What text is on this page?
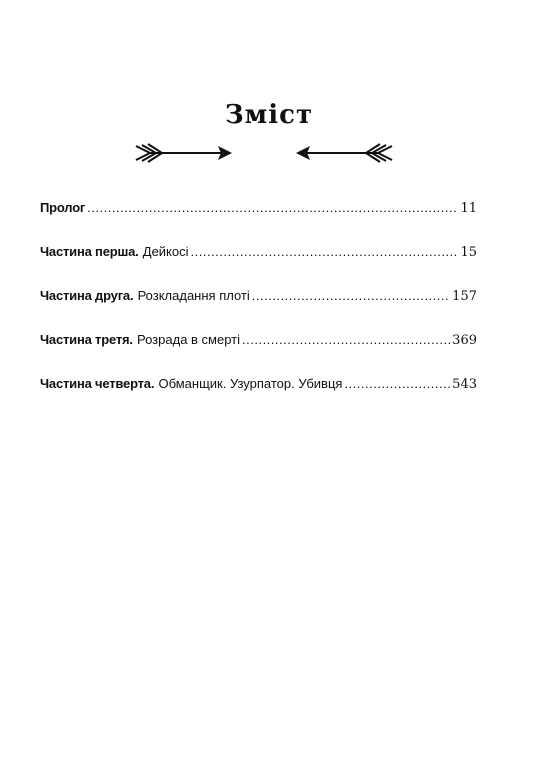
Зміст
Пролог .....	11
Частина перша . Дейкосі .....	15
Частина друга . Розкладання плоті .....	157
Частина третя . Розрада в смерті .....	369
Частина четверта . Обманщик. Узурпатор. Убивця .....	543
